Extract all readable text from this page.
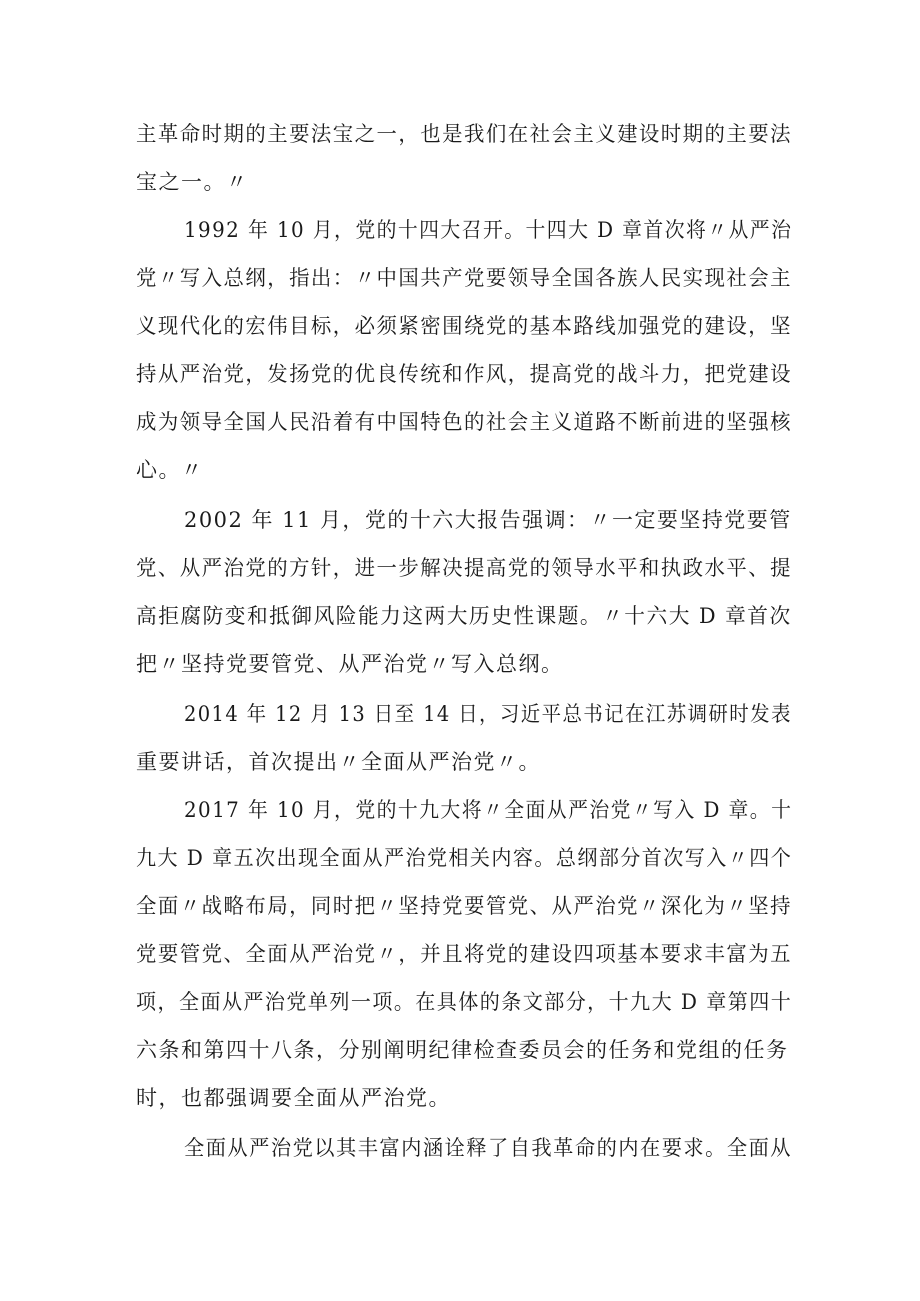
主革命时期的主要法宝之一，也是我们在社会主义建设时期的主要法
宝之一。〃
1992 年 10 月，党的十四大召开。十四大 D 章首次将〃从严治
党〃写入总纲，指出：〃中国共产党要领导全国各族人民实现社会主
义现代化的宏伟目标，必须紧密围绕党的基本路线加强党的建设，坚
持从严治党，发扬党的优良传统和作风，提高党的战斗力，把党建设
成为领导全国人民沿着有中国特色的社会主义道路不断前进的坚强核
心。〃
2002 年 11 月，党的十六大报告强调：〃一定要坚持党要管
党、从严治党的方针，进一步解决提高党的领导水平和执政水平、提
高拒腐防变和抵御风险能力这两大历史性课题。〃十六大 D 章首次
把〃坚持党要管党、从严治党〃写入总纲。
2014 年 12 月 13 日至 14 日，习近平总书记在江苏调研时发表
重要讲话，首次提出〃全面从严治党〃。
2017 年 10 月，党的十九大将〃全面从严治党〃写入 D 章。十
九大 D 章五次出现全面从严治党相关内容。总纲部分首次写入〃四个
全面〃战略布局，同时把〃坚持党要管党、从严治党〃深化为〃坚持
党要管党、全面从严治党〃，并且将党的建设四项基本要求丰富为五
项，全面从严治党单列一项。在具体的条文部分，十九大 D 章第四十
六条和第四十八条，分别阐明纪律检查委员会的任务和党组的任务
时，也都强调要全面从严治党。
全面从严治党以其丰富内涵诠释了自我革命的内在要求。全面从
